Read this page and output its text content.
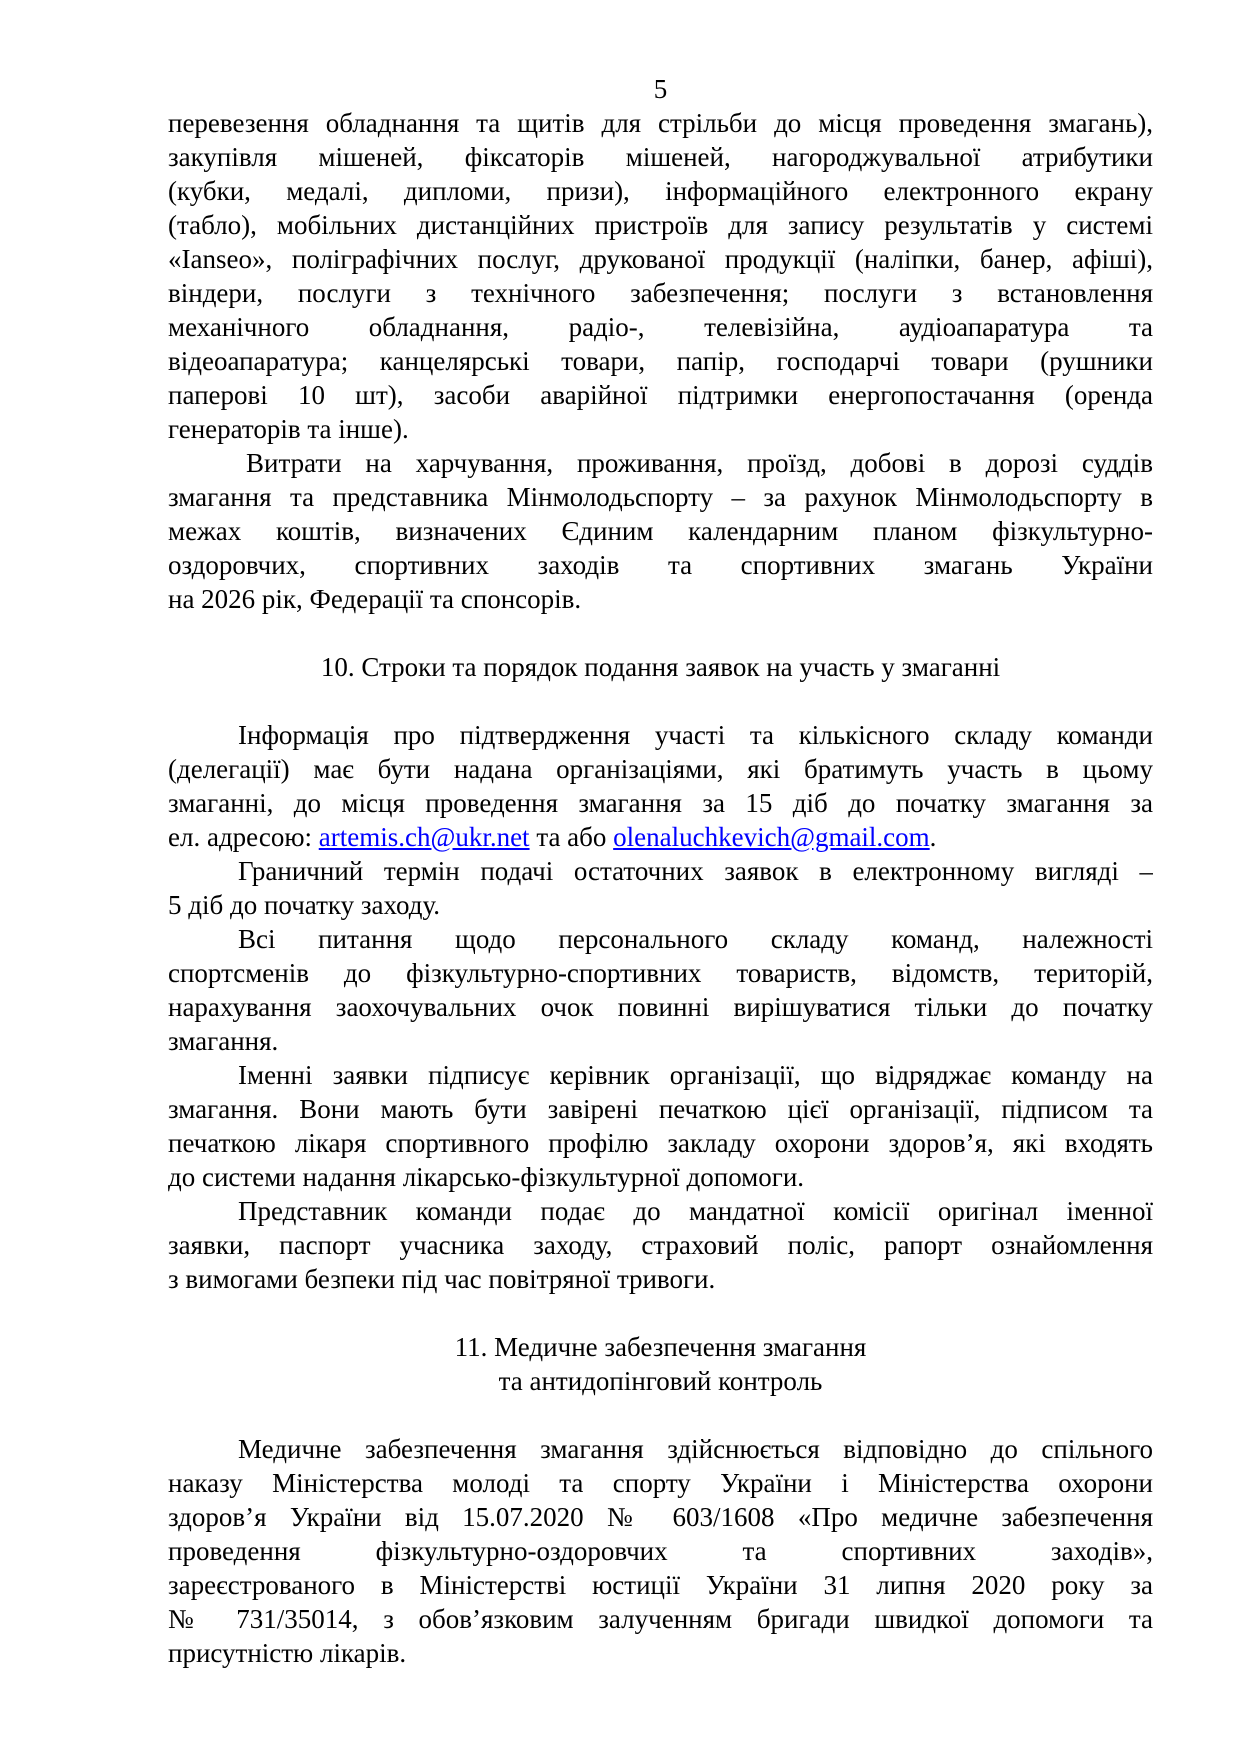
5
перевезення обладнання та щитів для стрільби до місця проведення змагань),
закупівля мішеней, фіксаторів мішеней, нагороджувальної атрибутики
(кубки, медалі, дипломи, призи), інформаційного електронного екрану
(табло), мобільних дистанційних пристроїв для запису результатів у системі
«Ianseo», поліграфічних послуг, друкованої продукції (наліпки, банер, афіші),
віндери, послуги з технічного забезпечення; послуги з встановлення
механічного обладнання, радіо-, телевізійна, аудіоапаратура та
відеоапаратура; канцелярські товари, папір, господарчі товари (рушники
паперові 10 шт), засоби аварійної підтримки енергопостачання (оренда
генераторів та інше).
Витрати на харчування, проживання, проїзд, добові в дорозі суддів
змагання та представника Мінмолодьспорту – за рахунок Мінмолодьспорту в
межах коштів, визначених Єдиним календарним планом фізкультурно-
оздоровчих, спортивних заходів та спортивних змагань України
на 2026 рік, Федерації та спонсорів.
10. Строки та порядок подання заявок на участь у змаганні
Інформація про підтвердження участі та кількісного складу команди
(делегації) має бути надана організаціями, які братимуть участь в цьому
змаганні, до місця проведення змагання за 15 діб до початку змагання за
ел. адресою: artemis.ch@ukr.net та або olenaluchkevich@gmail.com.
Граничний термін подачі остаточних заявок в електронному вигляді –
5 діб до початку заходу.
Всі питання щодо персонального складу команд, належності
спортсменів до фізкультурно-спортивних товариств, відомств, територій,
нарахування заохочувальних очок повинні вирішуватися тільки до початку
змагання.
Іменні заявки підписує керівник організації, що відряджає команду на
змагання. Вони мають бути завірені печаткою цієї організації, підписом та
печаткою лікаря спортивного профілю закладу охорони здоров’я, які входять
до системи надання лікарсько-фізкультурної допомоги.
Представник команди подає до мандатної комісії оригінал іменної
заявки, паспорт учасника заходу, страховий поліс, рапорт ознайомлення
з вимогами безпеки під час повітряної тривоги.
11. Медичне забезпечення змагання
та антидопінговий контроль
Медичне забезпечення змагання здійснюється відповідно до спільного
наказу Міністерства молоді та спорту України і Міністерства охорони
здоров’я України від 15.07.2020 № 603/1608 «Про медичне забезпечення
проведення фізкультурно-оздоровчих та спортивних заходів»,
зареєстрованого в Міністерстві юстиції України 31 липня 2020 року за
№ 731/35014, з обов’язковим залученням бригади швидкої допомоги та
присутністю лікарів.
